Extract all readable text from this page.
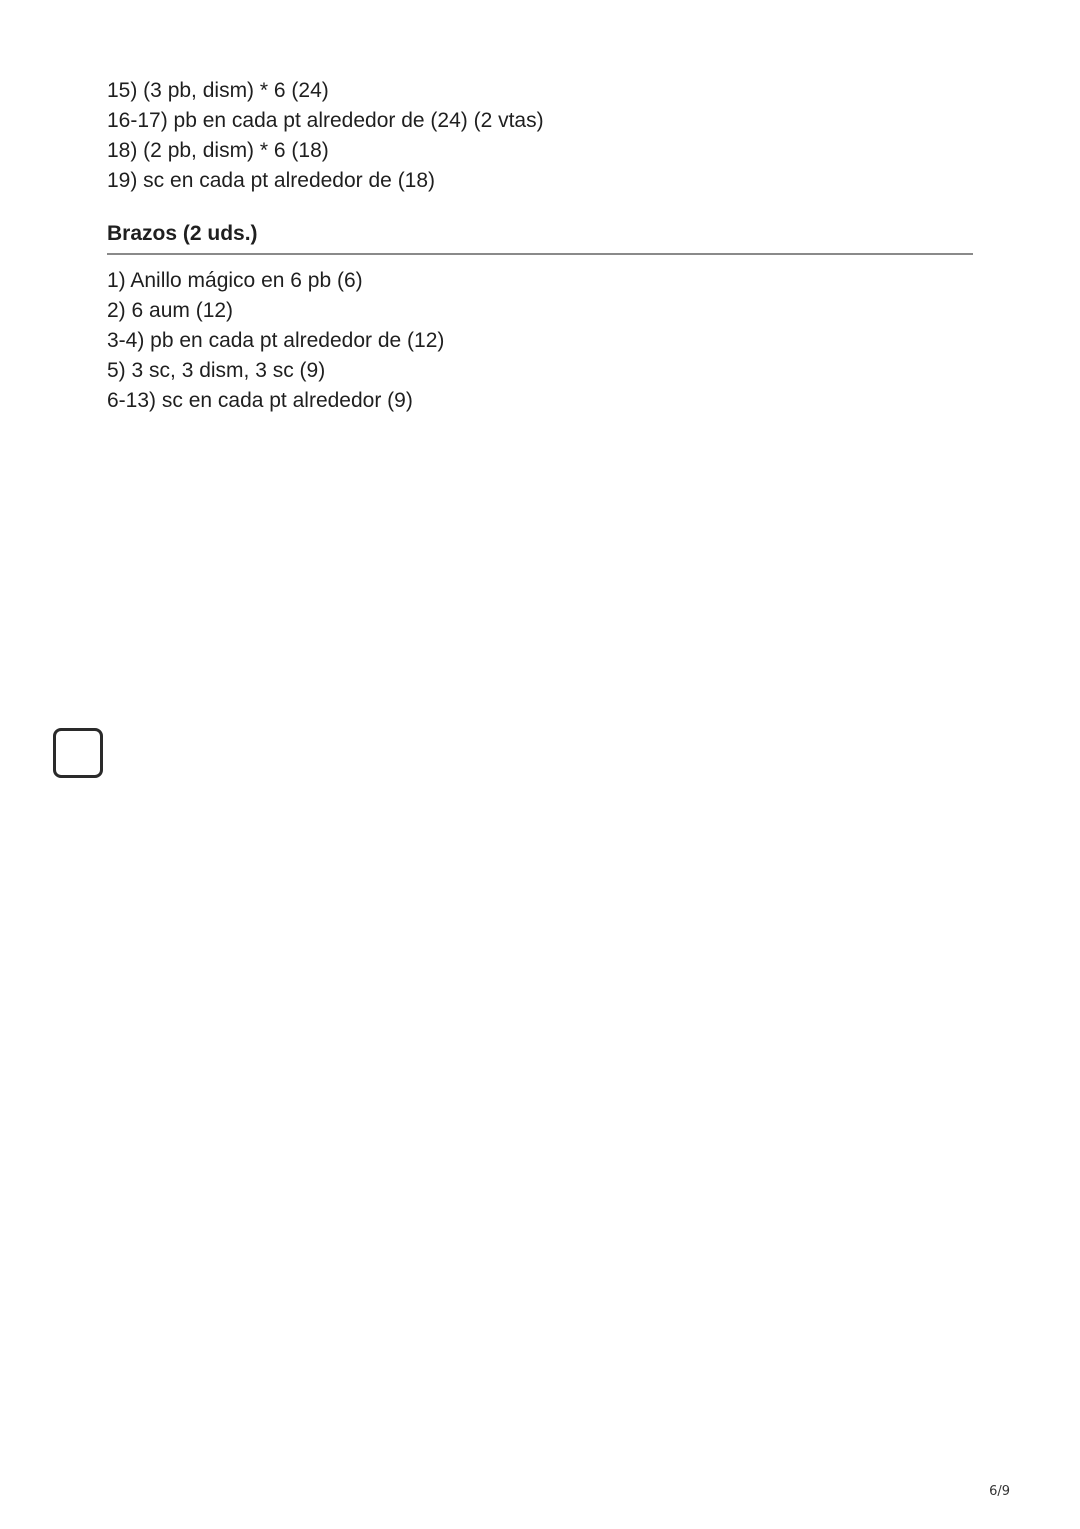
15) (3 pb, dism) * 6 (24)
16-17) pb en cada pt alrededor de (24) (2 vtas)
18) (2 pb, dism) * 6 (18)
19) sc en cada pt alrededor de (18)
Brazos (2 uds.)
1) Anillo mágico en 6 pb (6)
2) 6 aum (12)
3-4) pb en cada pt alrededor de (12)
5) 3 sc, 3 dism, 3 sc (9)
6-13) sc en cada pt alrededor (9)
6/9
